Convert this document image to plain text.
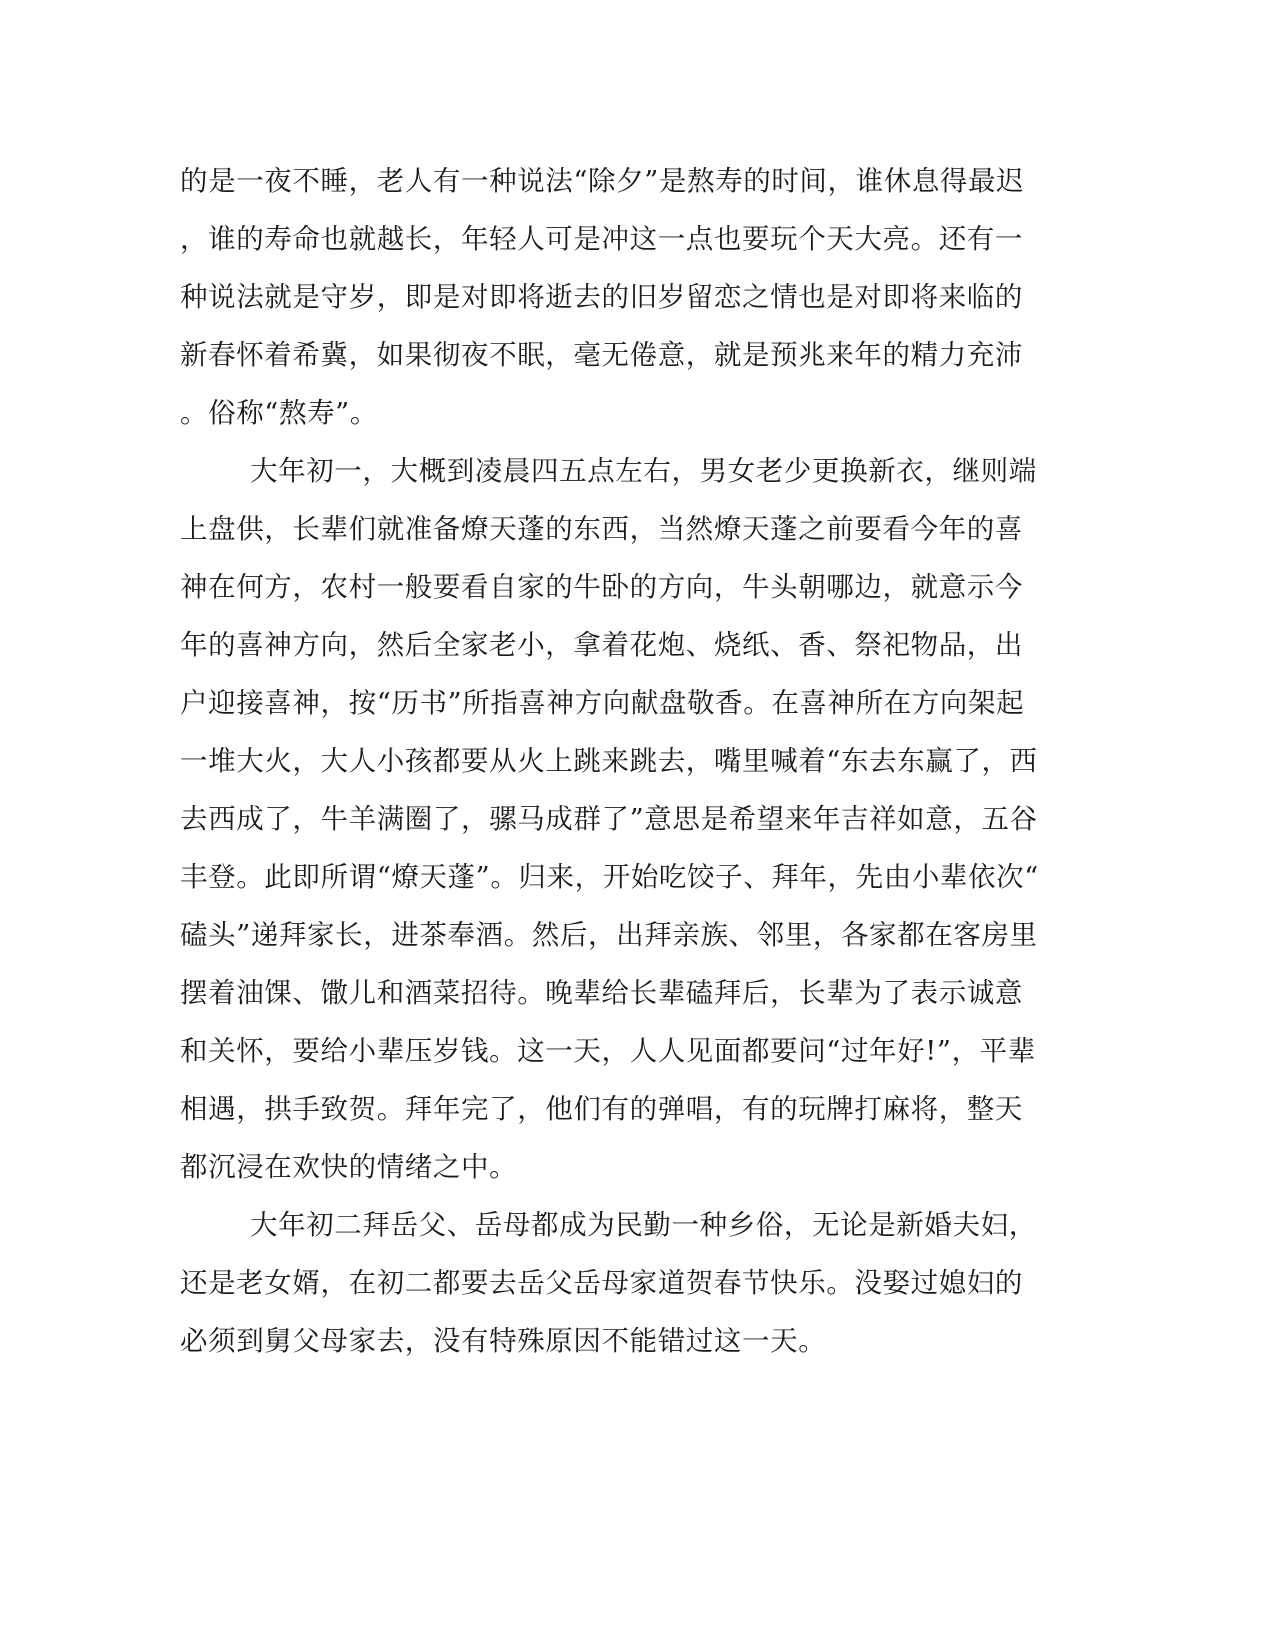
的是一夜不睡，老人有一种说法“除夕”是熬寿的时间，谁休息得最迟
，谁的寿命也就越长，年轻人可是冲这一点也要玩个天大亮。还有一
种说法就是守岁，即是对即将逝去的旧岁留恋之情也是对即将来临的
新春怀着希冀，如果彻夜不眠，毫无倦意，就是预兆来年的精力充沛
。俗称“熬寿”。
大年初一，大概到凌晨四五点左右，男女老少更换新衣，继则端
上盘供，长辈们就准备燎天蓬的东西，当然燎天蓬之前要看今年的喜
神在何方，农村一般要看自家的牛卧的方向，牛头朝哪边，就意示今
年的喜神方向，然后全家老小，拿着花炮、烧纸、香、祭祀物品，出
户迎接喜神，按“历书”所指喜神方向献盘敬香。在喜神所在方向架起
一堆大火，大人小孩都要从火上跳来跳去，嘴里喊着“东去东赢了，西
去西成了，牛羊满圈了，骡马成群了”意思是希望来年吉祥如意，五谷
丰登。此即所谓“燎天蓬”。归来，开始吃饺子、拜年，先由小辈依次“
磕头”递拜家长，进茶奉酒。然后，出拜亲族、邻里，各家都在客房里
摆着油馃、馓儿和酒菜招待。晚辈给长辈磕拜后，长辈为了表示诚意
和关怀，要给小辈压岁钱。这一天，人人见面都要问“过年好!”，平辈
相遇，拱手致贺。拜年完了，他们有的弹唱，有的玩牌打麻将，整天
都沉浸在欢快的情绪之中。
大年初二拜岳父、岳母都成为民勤一种乡俗，无论是新婚夫妇，
还是老女婿，在初二都要去岳父岳母家道贺春节快乐。没娶过媳妇的
必须到舅父母家去，没有特殊原因不能错过这一天。
